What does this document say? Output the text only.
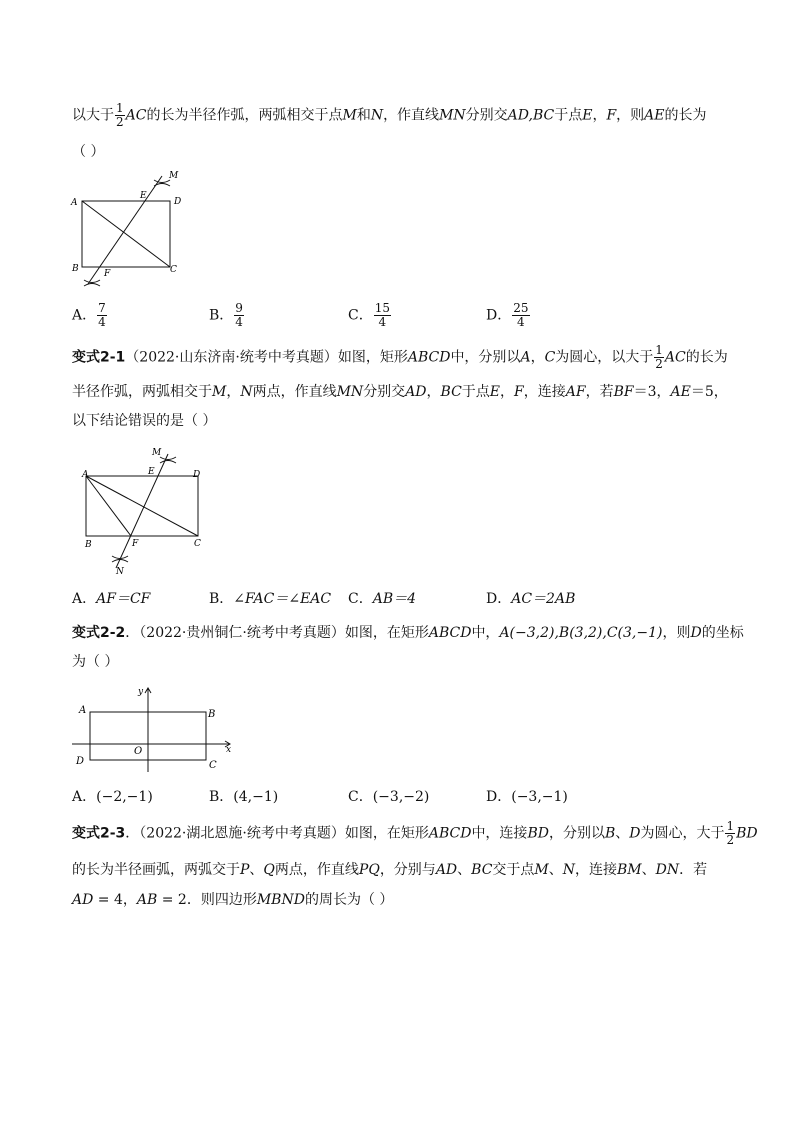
以大于 $\frac{1}{2}$ AC的长为半径作弧，两弧相交于点M和N，作直线MN分别交AD,BC于点E，F，则AE的长为
（ ）
A	D
B	C
E
F
M
A． $\frac{7}{4}$	B． $\frac{9}{4}$	C． $\frac{15}{4}$	D． $\frac{25}{4}$
变式2-1（2022·山东济南·统考中考真题）如图，矩形ABCD中，分别以A，C为圆心，以大于 $\frac{1}{2}$ AC的长为
半径作弧，两弧相交于M，N两点，作直线MN分别交AD，BC于点E，F，连接AF，若BF＝3，AE＝5，
以下结论错误的是（ ）
A	D
B	C
E
F
M
N
A．AF＝CF	B．∠FAC＝∠EAC C．AB＝4	D．AC＝2AB
变式2-2．（2022·贵州铜仁·统考中考真题）如图，在矩形ABCD中，A(−3,2),B(3,2),C(3,−1)，则D的坐标
为（ ）
A	B
C
D
O	x
y
A．(−2,−1)	B．(4,−1)	C．(−3,−2)	D．(−3,−1)
变式2-3．（2022·湖北恩施·统考中考真题）如图，在矩形ABCD中，连接BD，分别以B、D为圆心，大于 $\frac{1}{2}$ BD
的长为半径画弧，两弧交于P、Q两点，作直线PQ，分别与AD、BC交于点M、N，连接BM、DN．若
AD = 4，AB = 2．则四边形MBND的周长为（ ）
